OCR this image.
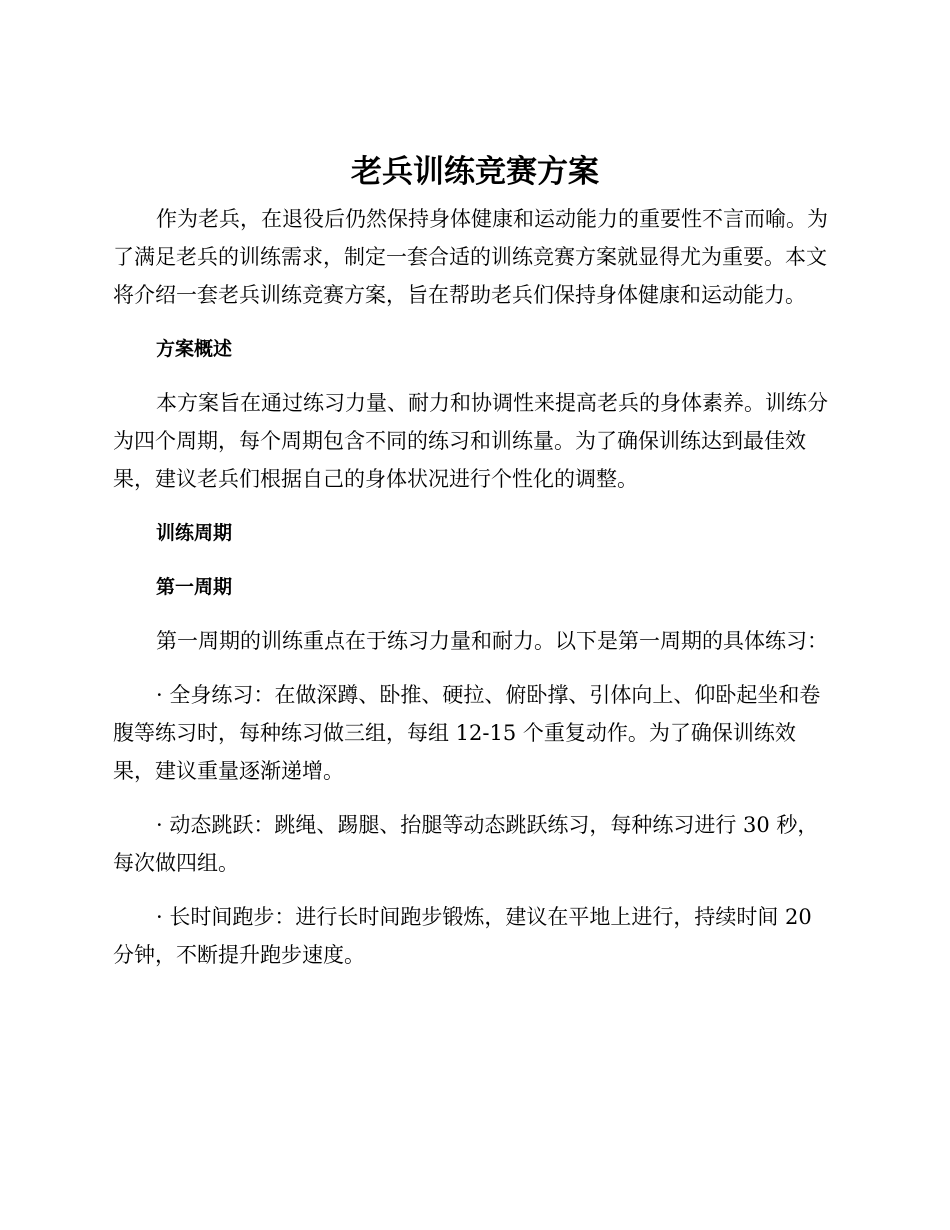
老兵训练竞赛方案

作为老兵，在退役后仍然保持身体健康和运动能力的重要性不言而喻。为了满足老兵的训练需求，制定一套合适的训练竞赛方案就显得尤为重要。本文将介绍一套老兵训练竞赛方案，旨在帮助老兵们保持身体健康和运动能力。

方案概述

本方案旨在通过练习力量、耐力和协调性来提高老兵的身体素养。训练分为四个周期，每个周期包含不同的练习和训练量。为了确保训练达到最佳效果，建议老兵们根据自己的身体状况进行个性化的调整。

训练周期
第一周期

第一周期的训练重点在于练习力量和耐力。以下是第一周期的具体练习：

· 全身练习：在做深蹲、卧推、硬拉、俯卧撑、引体向上、仰卧起坐和卷腹等练习时，每种练习做三组，每组 12-15 个重复动作。为了确保训练效果，建议重量逐渐递增。

· 动态跳跃：跳绳、踢腿、抬腿等动态跳跃练习，每种练习进行 30 秒，每次做四组。

· 长时间跑步：进行长时间跑步锻炼，建议在平地上进行，持续时间 20 分钟，不断提升跑步速度。
